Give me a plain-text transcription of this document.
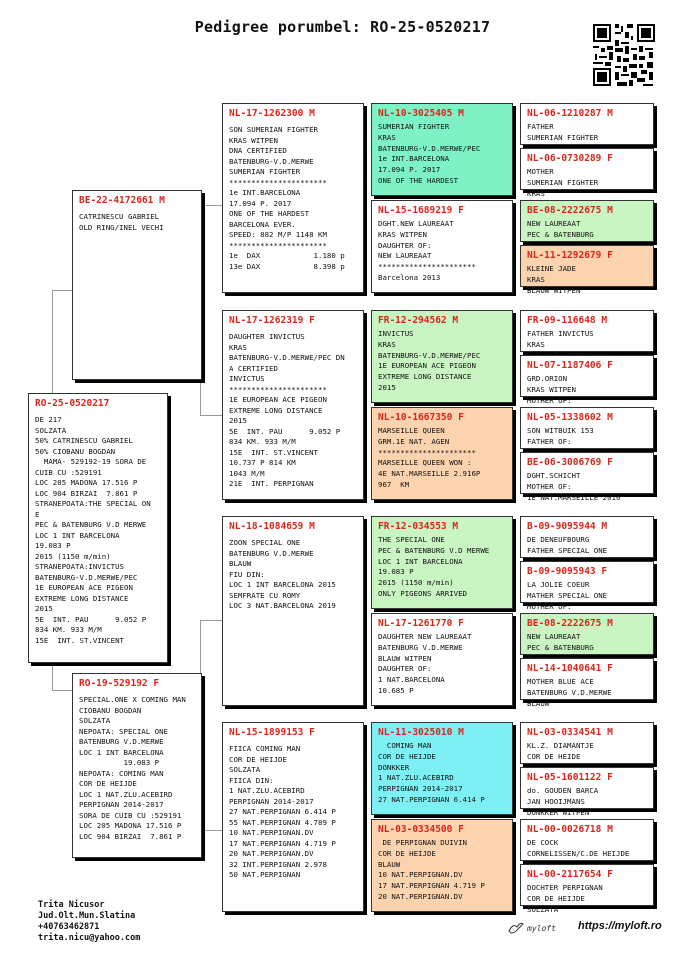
Pedigree porumbel: RO-25-0520217
RO-25-0520217
DE 217
SOLZATA
50% CATRINESCU GABRIEL
50% CIOBANU BOGDAN
MAMA- 529192-19 SORA DE
CUIB CU :529191
LOC 205 MADONA 17.516 P
LOC 904 BIRZAI  7.861 P
STRANEPOATA:THE SPECIAL ON
E
PEC & BATENBURG V.D MERWE
LOC 1 INT BARCELONA
19.083 P
2015 (1150 m/min)
STRANEPOATA:INVICTUS
BATENBURG-V.D.MERWE/PEC
1E EUROPEAN ACE PIGEON
EXTREME LONG DISTANCE
2015
5E  INT. PAU      9.052 P
834 KM. 933 M/M
15E  INT. ST.VINCENT
BE-22-4172661 M
CATRINESCU GABRIEL
OLD RING/INEL VECHI
RO-19-529192 F
SPECIAL.ONE X COMING MAN
CIOBANU BOGDAN
SOLZATA
NEPOATA: SPECIAL ONE
BATENBURG V.D.MERWE
LOC 1 INT BARCELONA
19.083 P
NEPOATA: COMING MAN
COR DE HEIJDE
LOC 1 NAT.ZLU.ACEBIRD
PERPIGNAN 2014-2017
SORA DE CUIB CU :529191
LOC 205 MADONA 17.516 P
LOC 904 BIRZAI  7.861 P
NL-17-1262300 M
SON SUMERIAN FIGHTER
KRAS WITPEN
DNA CERTIFIED
BATENBURG-V.D.MERWE
SUMERIAN FIGHTER
**********************
1e INT.BARCELONA
17.094 P. 2017
ONE OF THE HARDEST
BARCELONA EVER.
SPEED: 882 M/P 1148 KM
**********************
1e  DAX            1.180 p
13e DAX            8.398 p
NL-17-1262319 F
DAUGHTER INVICTUS
KRAS
BATENBURG-V.D.MERWE/PEC DN
A CERTIFIED
INVICTUS
**********************
1E EUROPEAN ACE PIGEON
EXTREME LONG DISTANCE
2015
5E  INT. PAU      9.052 P
834 KM. 933 M/M
15E  INT. ST.VINCENT
10.737 P 814 KM
1043 M/M
21E  INT. PERPIGNAN
NL-18-1084659 M
ZOON SPECIAL ONE
BATENBURG V.D.MERWE
BLAUW
FIU DIN:
LOC 1 INT BARCELONA 2015
SEMFRATE CU ROMY
LOC 3 NAT.BARCELONA 2019
NL-15-1899153 F
FIICA COMING MAN
COR DE HEIJDE
SOLZATA
FIICA DIN:
1 NAT.ZLU.ACEBIRD
PERPIGNAN 2014-2017
27 NAT.PERPIGNAN 6.414 P
55 NAT.PERPIGNAN 4.789 P
10 NAT.PERPIGNAN.DV
17 NAT.PERPIGNAN 4.719 P
20 NAT.PERPIGNAN.DV
32 INT.PERPIGNAN 2.978
50 NAT.PERPIGNAN
NL-10-3025405 M
SUMERIAN FIGHTER
KRAS
BATENBURG-V.D.MERWE/PEC
1e INT.BARCELONA
17.094 P. 2017
ONE OF THE HARDEST
NL-15-1689219 F
DGHT.NEW LAUREAAT
KRAS WITPEN
DAUGHTER OF:
NEW LAUREAAT
**********************
Barcelona 2013
FR-12-294562 M
INVICTUS
KRAS
BATENBURG-V.D.MERWE/PEC
1E EUROPEAN ACE PIGEON
EXTREME LONG DISTANCE
2015
NL-10-1667350 F
MARSEILLE QUEEN
GRM.1E NAT. AGEN
**********************
MARSEILLE QUEEN WON :
4E NAT.MARSEILLE 2.916P
967  KM
FR-12-034553 M
THE SPECIAL ONE
PEC & BATENBURG V.D MERWE
LOC 1 INT BARCELONA
19.083 P
2015 (1150 m/min)
ONLY PIGEONS ARRIVED
NL-17-1261770 F
DAUGHTER NEW LAUREAAT
BATENBURG V.D.MERWE
BLAUW WITPEN
DAUGHTER OF:
1 NAT.BARCELONA
10.685 P
NL-11-3025010 M
COMING MAN
COR DE HEIJDE
DONKKER
1 NAT.ZLU.ACEBIRD
PERPIGNAN 2014-2017
27 NAT.PERPIGNAN 6.414 P
NL-03-0334500 F
DE PERPIGNAN DUIVIN
COR DE HEIJDE
BLAUW
10 NAT.PERPIGNAN.DV
17 NAT.PERPIGNAN 4.719 P
20 NAT.PERPIGNAN.DV
NL-06-1210287 M
FATHER
SUMERIAN FIGHTER
NL-06-0730289 F
MOTHER
SUMERIAN FIGHTER
KRAS
BE-08-2222675 M
NEW LAUREAAT
PEC & BATENBURG
NL-11-1292679 F
KLEINE JADE
KRAS
BLAUW WITPEN
FR-09-116648 M
FATHER INVICTUS
KRAS
NL-07-1187406 F
GRD.ORION
KRAS WITPEN
MOTHER OF:
NL-05-1338602 M
SON WITBUIK 153
FATHER OF:
BE-06-3006769 F
DGHT.SCHICHT
MOTHER OF:
1E NAT.MARSEILLE 2016
B-09-9095944 M
DE DENEUFBOURG
FATHER SPECIAL ONE
B-09-9095943 F
LA JOLIE COEUR
MATHER SPECIAL ONE
MOTHER OF:
BE-08-2222675 M
NEW LAUREAAT
PEC & BATENBURG
NL-14-1040641 F
MOTHER BLUE ACE
BATENBURG V.D.MERWE
BLAUW
NL-03-0334541 M
KL.Z. DIAMANTJE
COR DE HEIDE
NL-05-1601122 F
do. GOUDEN BARCA
JAN HOOIJMANS
DONKKER WITPEN
NL-00-0026718 M
DE COCK
CORNELISSEN/C.DE HEIJDE
NL-00-2117654 F
DOCHTER PERPIGNAN
COR DE HEIJDE
SOLZATA
Trita Nicusor
Jud.Olt.Mun.Slatina
+40763462871
trita.nicu@yahoo.com
myloft https://myloft.ro
